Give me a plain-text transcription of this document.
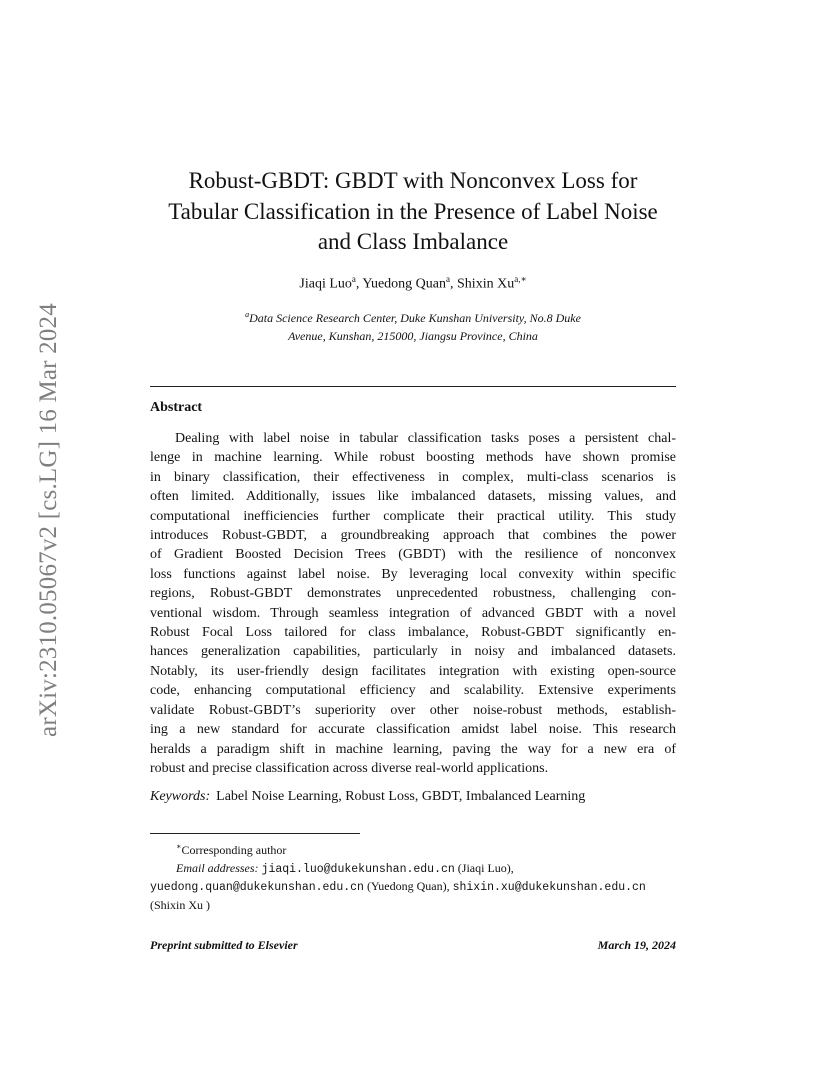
arXiv:2310.05067v2 [cs.LG] 16 Mar 2024
Robust-GBDT: GBDT with Nonconvex Loss for
Tabular Classification in the Presence of Label Noise
and Class Imbalance
Jiaqi Luo$^a$, Yuedong Quan$^a$, Shixin $Xu^{a,∗}$
$^a$Data Science Research Center, Duke Kunshan University, No.8 Duke
Avenue, Kunshan, 215000, Jiangsu Province, China
Abstract
Dealing with label noise in tabular classification tasks poses a persistent chal-
lenge in machine learning. While robust boosting methods have shown promise
in binary classification, their effectiveness in complex, multi-class scenarios is
often limited. Additionally, issues like imbalanced datasets, missing values, and
computational inefficiencies further complicate their practical utility. This study
introduces Robust-GBDT, a groundbreaking approach that combines the power
of Gradient Boosted Decision Trees (GBDT) with the resilience of nonconvex
loss functions against label noise. By leveraging local convexity within specific
regions, Robust-GBDT demonstrates unprecedented robustness, challenging con-
ventional wisdom. Through seamless integration of advanced GBDT with a novel
Robust Focal Loss tailored for class imbalance, Robust-GBDT significantly en-
hances generalization capabilities, particularly in noisy and imbalanced datasets.
Notably, its user-friendly design facilitates integration with existing open-source
code, enhancing computational efficiency and scalability. Extensive experiments
validate Robust-GBDT’s superiority over other noise-robust methods, establish-
ing a new standard for accurate classification amidst label noise. This research
heralds a paradigm shift in machine learning, paving the way for a new era of
robust and precise classification across diverse real-world applications.
Keywords: Label Noise Learning, Robust Loss, GBDT, Imbalanced Learning
∗Corresponding author
Email addresses: jiaqi.luo@dukekunshan.edu.cn (Jiaqi Luo),
yuedong.quan@dukekunshan.edu.cn (Yuedong Quan), shixin.xu@dukekunshan.edu.cn
(Shixin Xu )
Preprint submitted to Elsevier	March 19, 2024
